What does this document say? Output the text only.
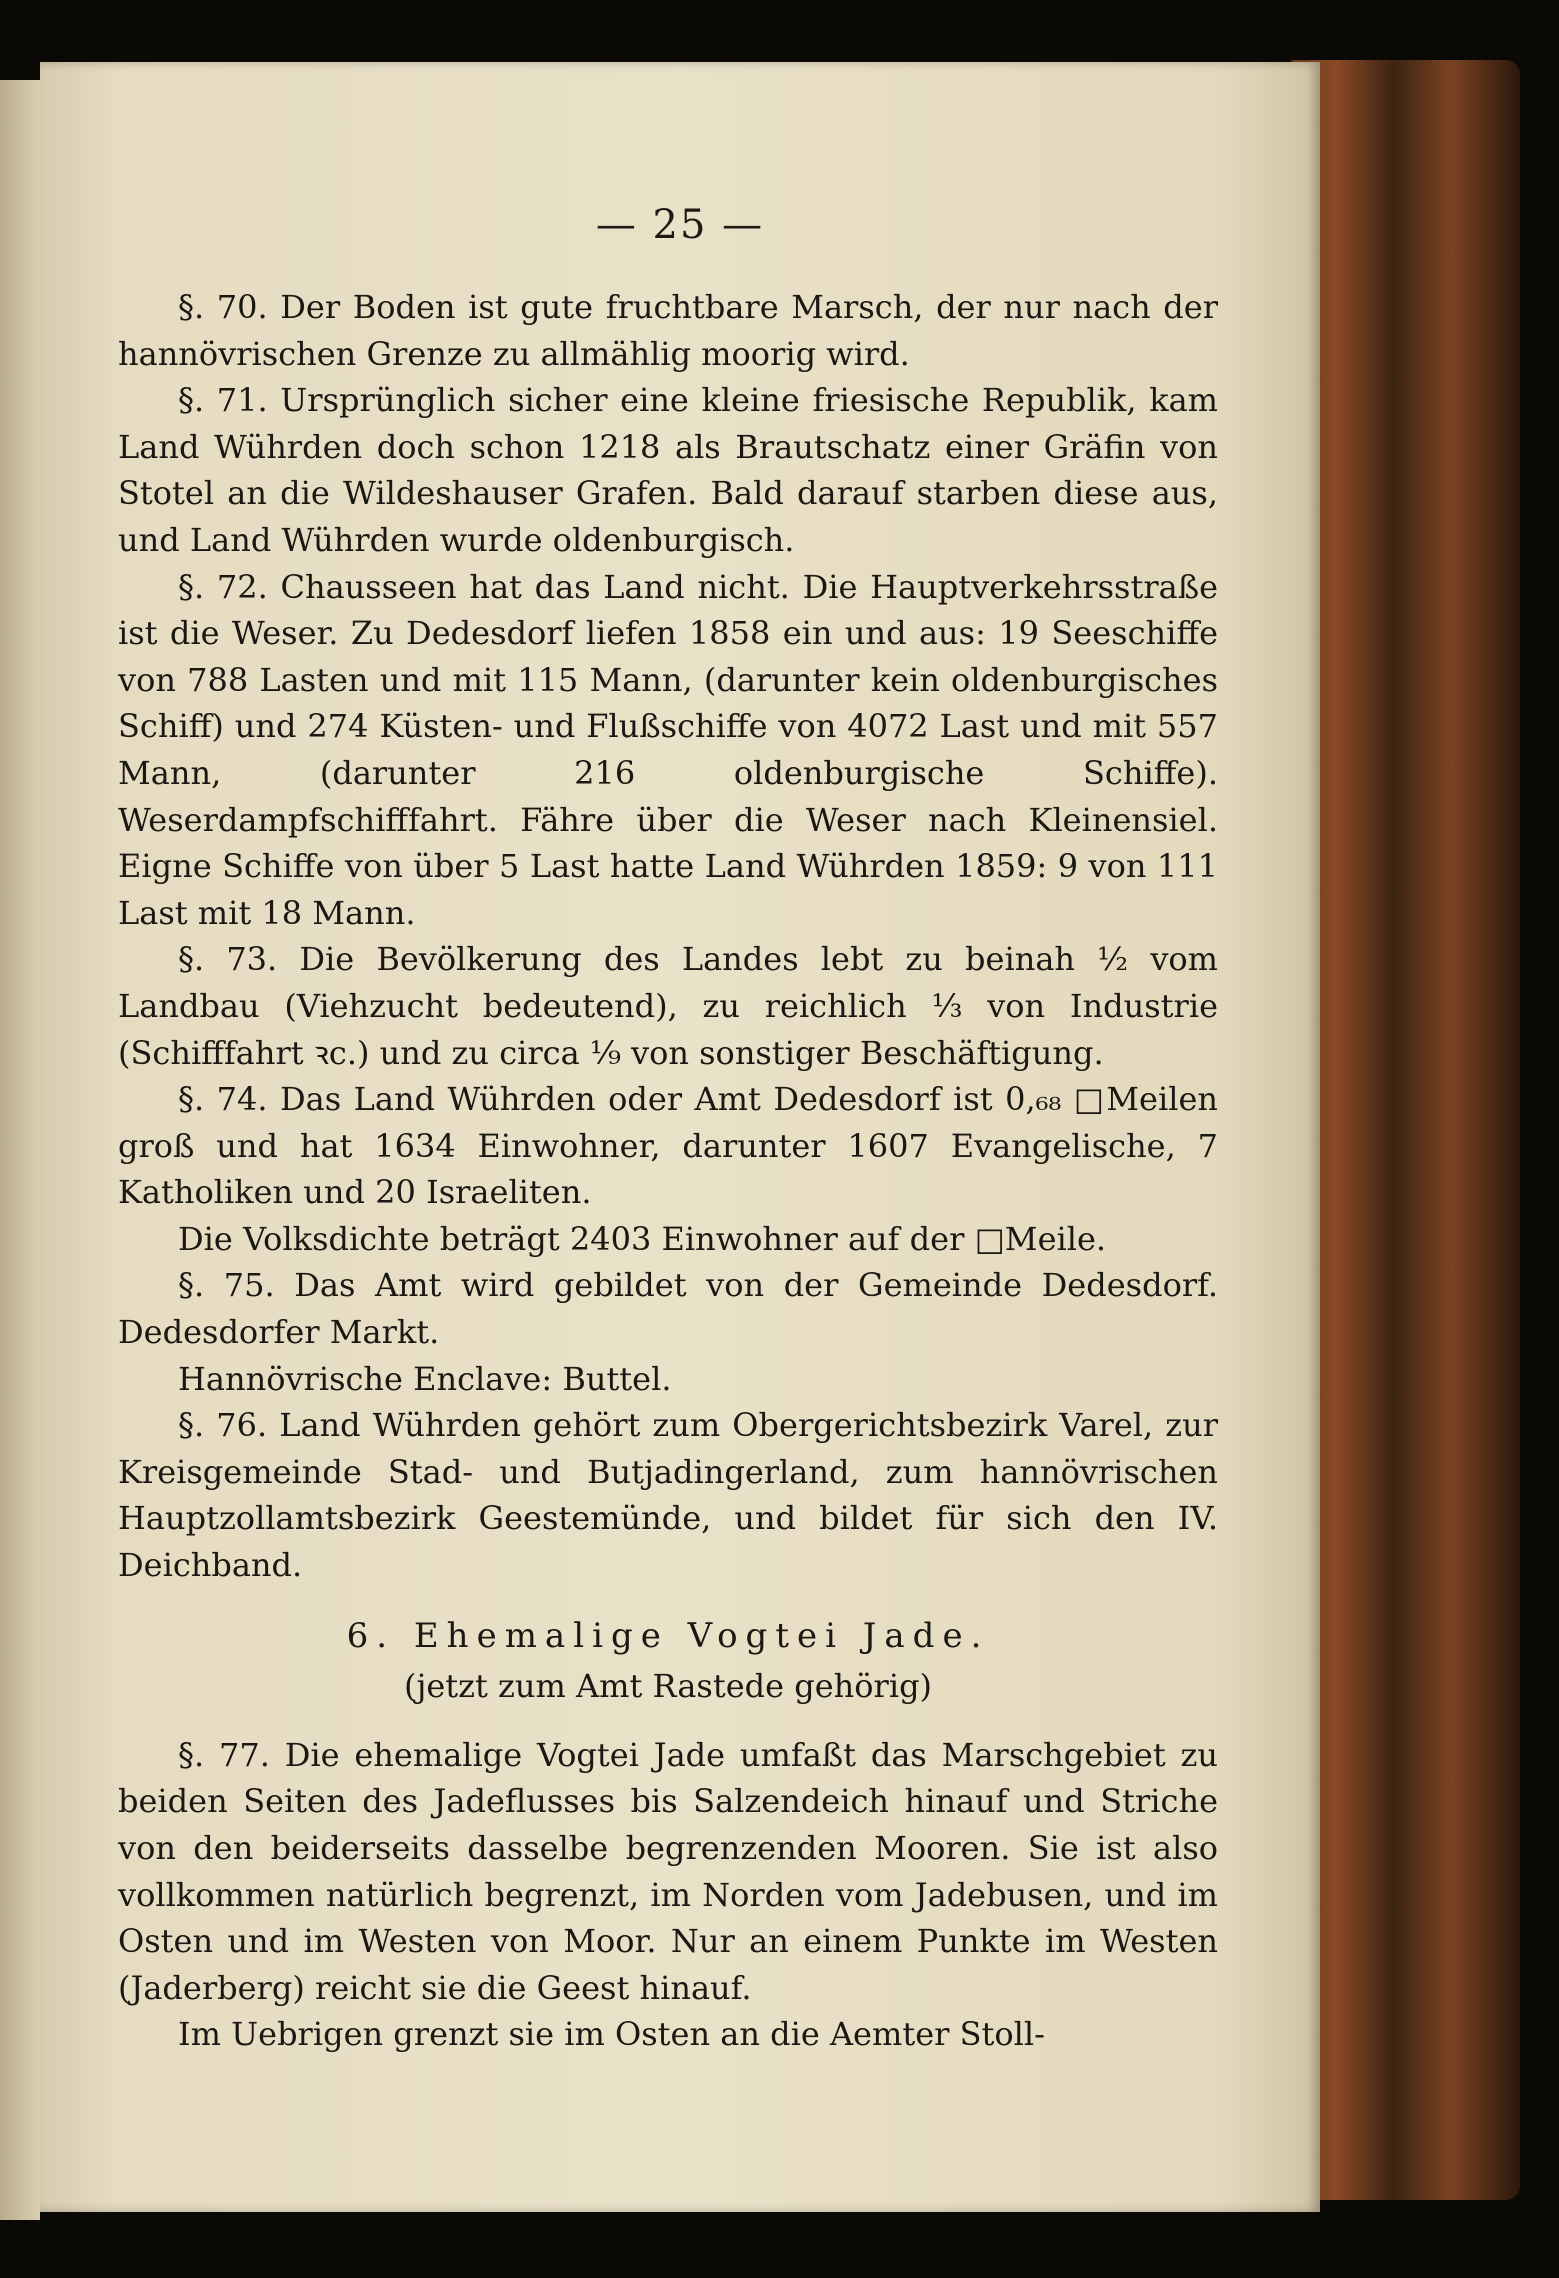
— 25 —

§. 70. Der Boden ist gute fruchtbare Marsch, der nur nach der hannövrischen Grenze zu allmählig moorig wird.

§. 71. Ursprünglich sicher eine kleine friesische Republik, kam Land Wührden doch schon 1218 als Brautschatz einer Gräfin von Stotel an die Wildeshauser Grafen. Bald darauf starben diese aus, und Land Wührden wurde oldenburgisch.

§. 72. Chausseen hat das Land nicht. Die Hauptverkehrsstraße ist die Weser. Zu Dedesdorf liefen 1858 ein und aus: 19 Seeschiffe von 788 Lasten und mit 115 Mann, (darunter kein oldenburgisches Schiff) und 274 Küsten- und Flußschiffe von 4072 Last und mit 557 Mann, (darunter 216 oldenburgische Schiffe). Weserdampfschifffahrt. Fähre über die Weser nach Kleinensiel. Eigne Schiffe von über 5 Last hatte Land Wührden 1859: 9 von 111 Last mit 18 Mann.

§. 73. Die Bevölkerung des Landes lebt zu beinah ½ vom Landbau (Viehzucht bedeutend), zu reichlich ⅓ von Industrie (Schifffahrt ꝛc.) und zu circa ⅑ von sonstiger Beschäftigung.

§. 74. Das Land Wührden oder Amt Dedesdorf ist 0,₆₈ □Meilen groß und hat 1634 Einwohner, darunter 1607 Evangelische, 7 Katholiken und 20 Israeliten.

Die Volksdichte beträgt 2403 Einwohner auf der □Meile.

§. 75. Das Amt wird gebildet von der Gemeinde Dedesdorf. Dedesdorfer Markt.

Hannövrische Enclave: Buttel.

§. 76. Land Wührden gehört zum Obergerichtsbezirk Varel, zur Kreisgemeinde Stad- und Butjadingerland, zum hannövrischen Hauptzollamtsbezirk Geestemünde, und bildet für sich den IV. Deichband.

6. Ehemalige Vogtei Jade.

(jetzt zum Amt Rastede gehörig)

§. 77. Die ehemalige Vogtei Jade umfaßt das Marschgebiet zu beiden Seiten des Jadeflusses bis Salzendeich hinauf und Striche von den beiderseits dasselbe begrenzenden Mooren. Sie ist also vollkommen natürlich begrenzt, im Norden vom Jadebusen, und im Osten und im Westen von Moor. Nur an einem Punkte im Westen (Jaderberg) reicht sie die Geest hinauf.

Im Uebrigen grenzt sie im Osten an die Aemter Stoll-
